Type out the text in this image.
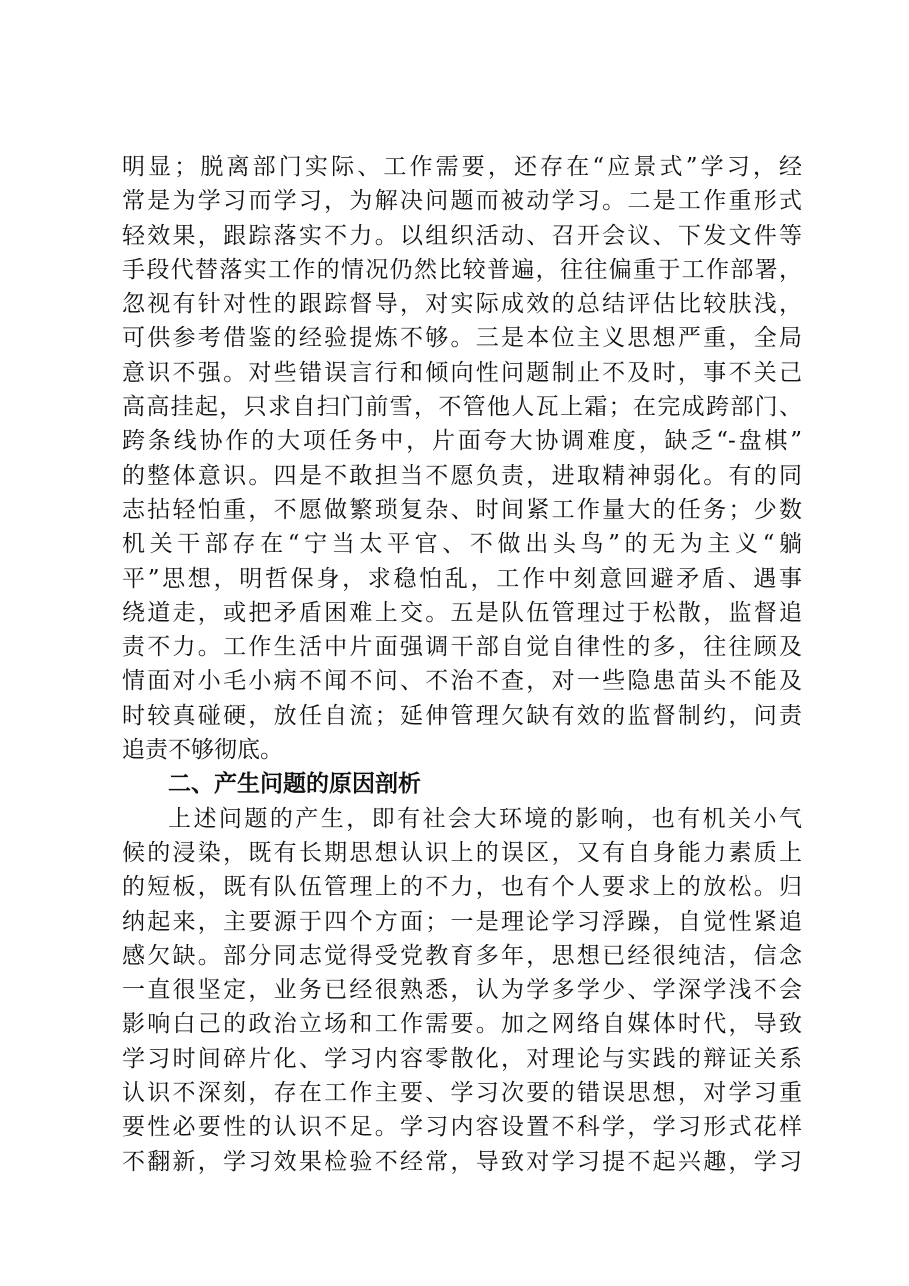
明显；脱离部门实际、工作需要，还存在“应景式”学习，经
常是为学习而学习，为解决问题而被动学习。二是工作重形式
轻效果，跟踪落实不力。以组织活动、召开会议、下发文件等
手段代替落实工作的情况仍然比较普遍，往往偏重于工作部署，
忽视有针对性的跟踪督导，对实际成效的总结评估比较肤浅，
可供参考借鉴的经验提炼不够。三是本位主义思想严重，全局
意识不强。对些错误言行和倾向性问题制止不及时，事不关己
高高挂起，只求自扫门前雪，不管他人瓦上霜；在完成跨部门、
跨条线协作的大项任务中，片面夸大协调难度，缺乏“-盘棋”
的整体意识。四是不敢担当不愿负责，进取精神弱化。有的同
志拈轻怕重，不愿做繁琐复杂、时间紧工作量大的任务；少数
机关干部存在“宁当太平官、不做出头鸟”的无为主义“躺
平”思想，明哲保身，求稳怕乱，工作中刻意回避矛盾、遇事
绕道走，或把矛盾困难上交。五是队伍管理过于松散，监督追
责不力。工作生活中片面强调干部自觉自律性的多，往往顾及
情面对小毛小病不闻不问、不治不查，对一些隐患苗头不能及
时较真碰硬，放任自流；延伸管理欠缺有效的监督制约，问责
追责不够彻底。
二、产生问题的原因剖析
上述问题的产生，即有社会大环境的影响，也有机关小气
候的浸染，既有长期思想认识上的误区，又有自身能力素质上
的短板，既有队伍管理上的不力，也有个人要求上的放松。归
纳起来，主要源于四个方面；一是理论学习浮躁，自觉性紧追
感欠缺。部分同志觉得受党教育多年，思想已经很纯洁，信念
一直很坚定，业务已经很熟悉，认为学多学少、学深学浅不会
影响白己的政治立场和工作需要。加之网络自媒体时代，导致
学习时间碎片化、学习内容零散化，对理论与实践的辩证关系
认识不深刻，存在工作主要、学习次要的错误思想，对学习重
要性必要性的认识不足。学习内容设置不科学，学习形式花样
不翻新，学习效果检验不经常，导致对学习提不起兴趣，学习
